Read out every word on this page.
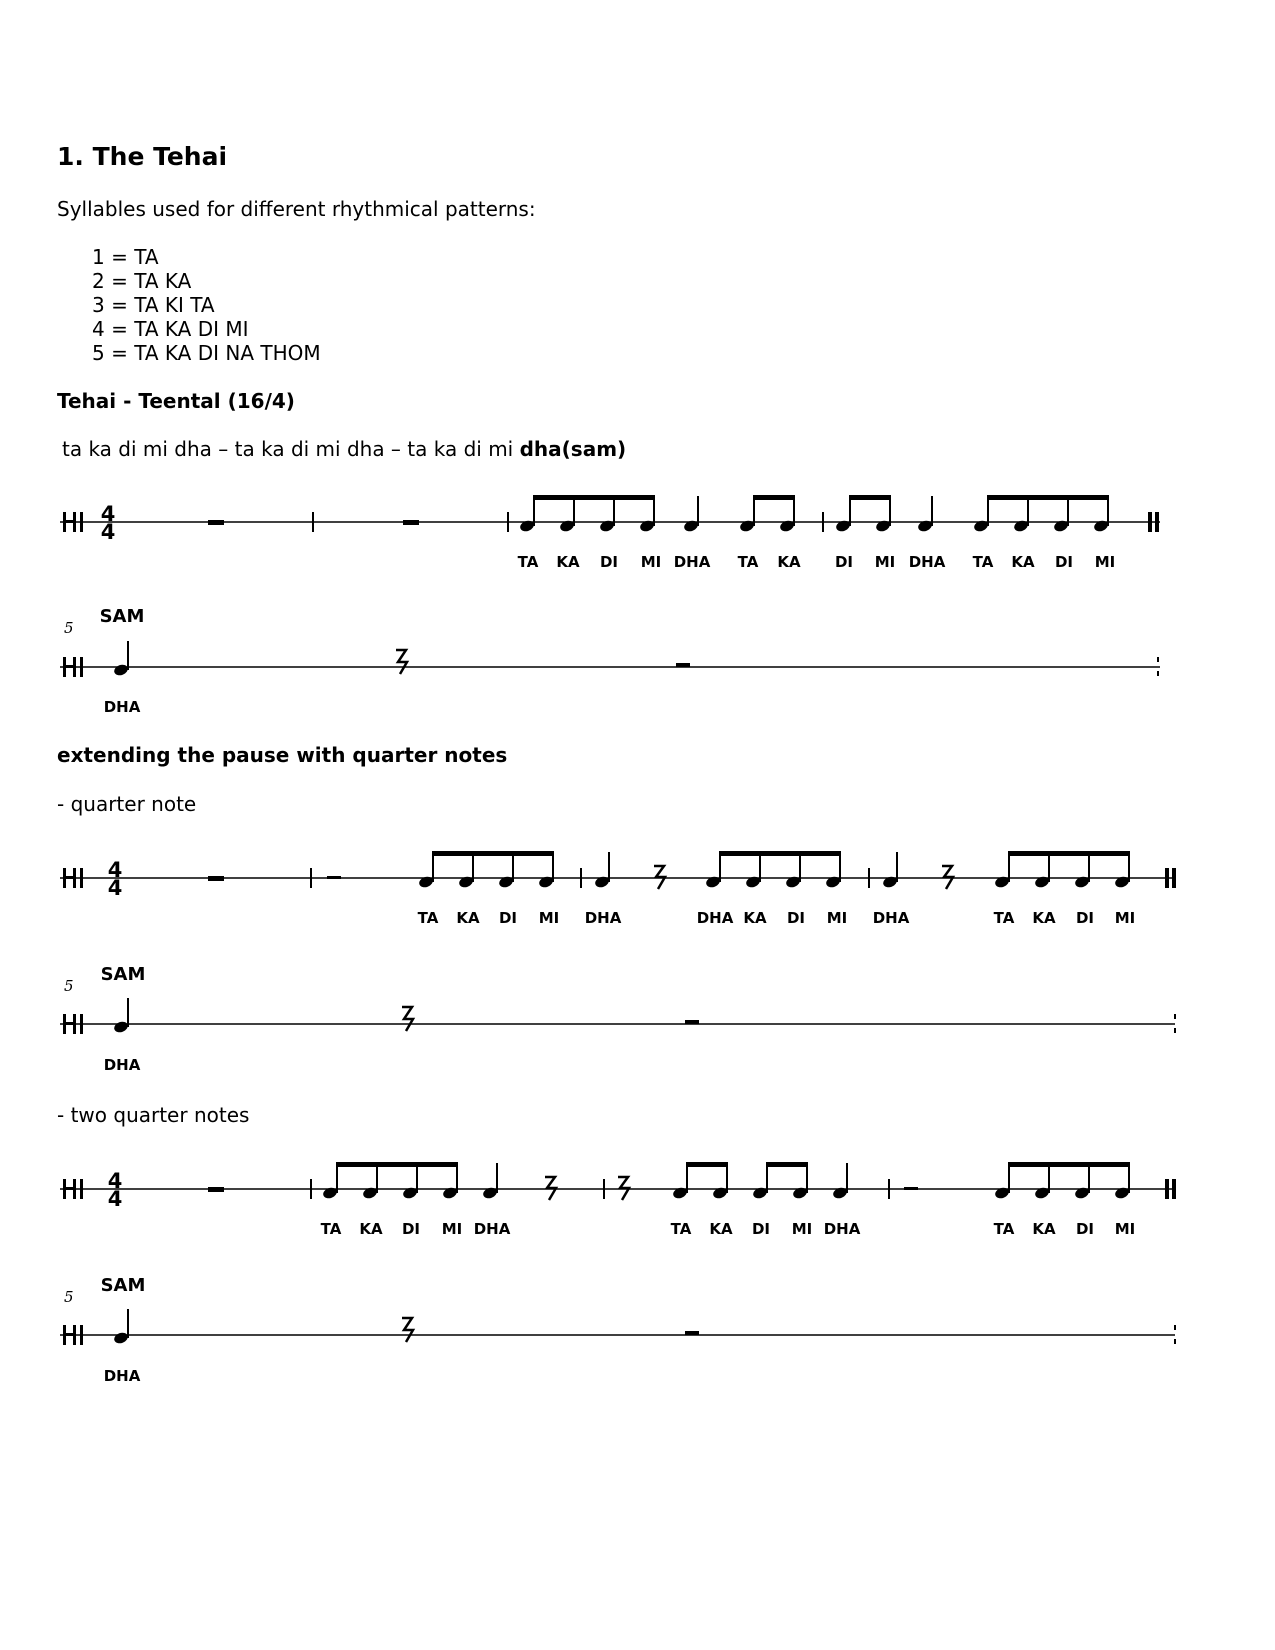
1. The Tehai
Syllables used for different rhythmical patterns:
1 = TA
2 = TA KA
3 = TA KI TA
4 = TA KA DI MI
5 = TA KA DI NA THOM
Tehai - Teental (16/4)
ta ka di mi dha – ta ka di mi dha – ta ka di mi dha(sam)
4
4
TA KA DI MI DHA TA KA DI MI DHA TA KA DI MI
5
SAM
DHA
extending the pause with quarter notes
- quarter note
4
4
TA KA DI MI DHA	DHA KA DI MI DHA	TA KA DI MI
5
SAM
DHA
- two quarter notes
4
4
TA KA DI MI DHA	TA KA DI MI DHA	TA KA DI MI
5
SAM
DHA
